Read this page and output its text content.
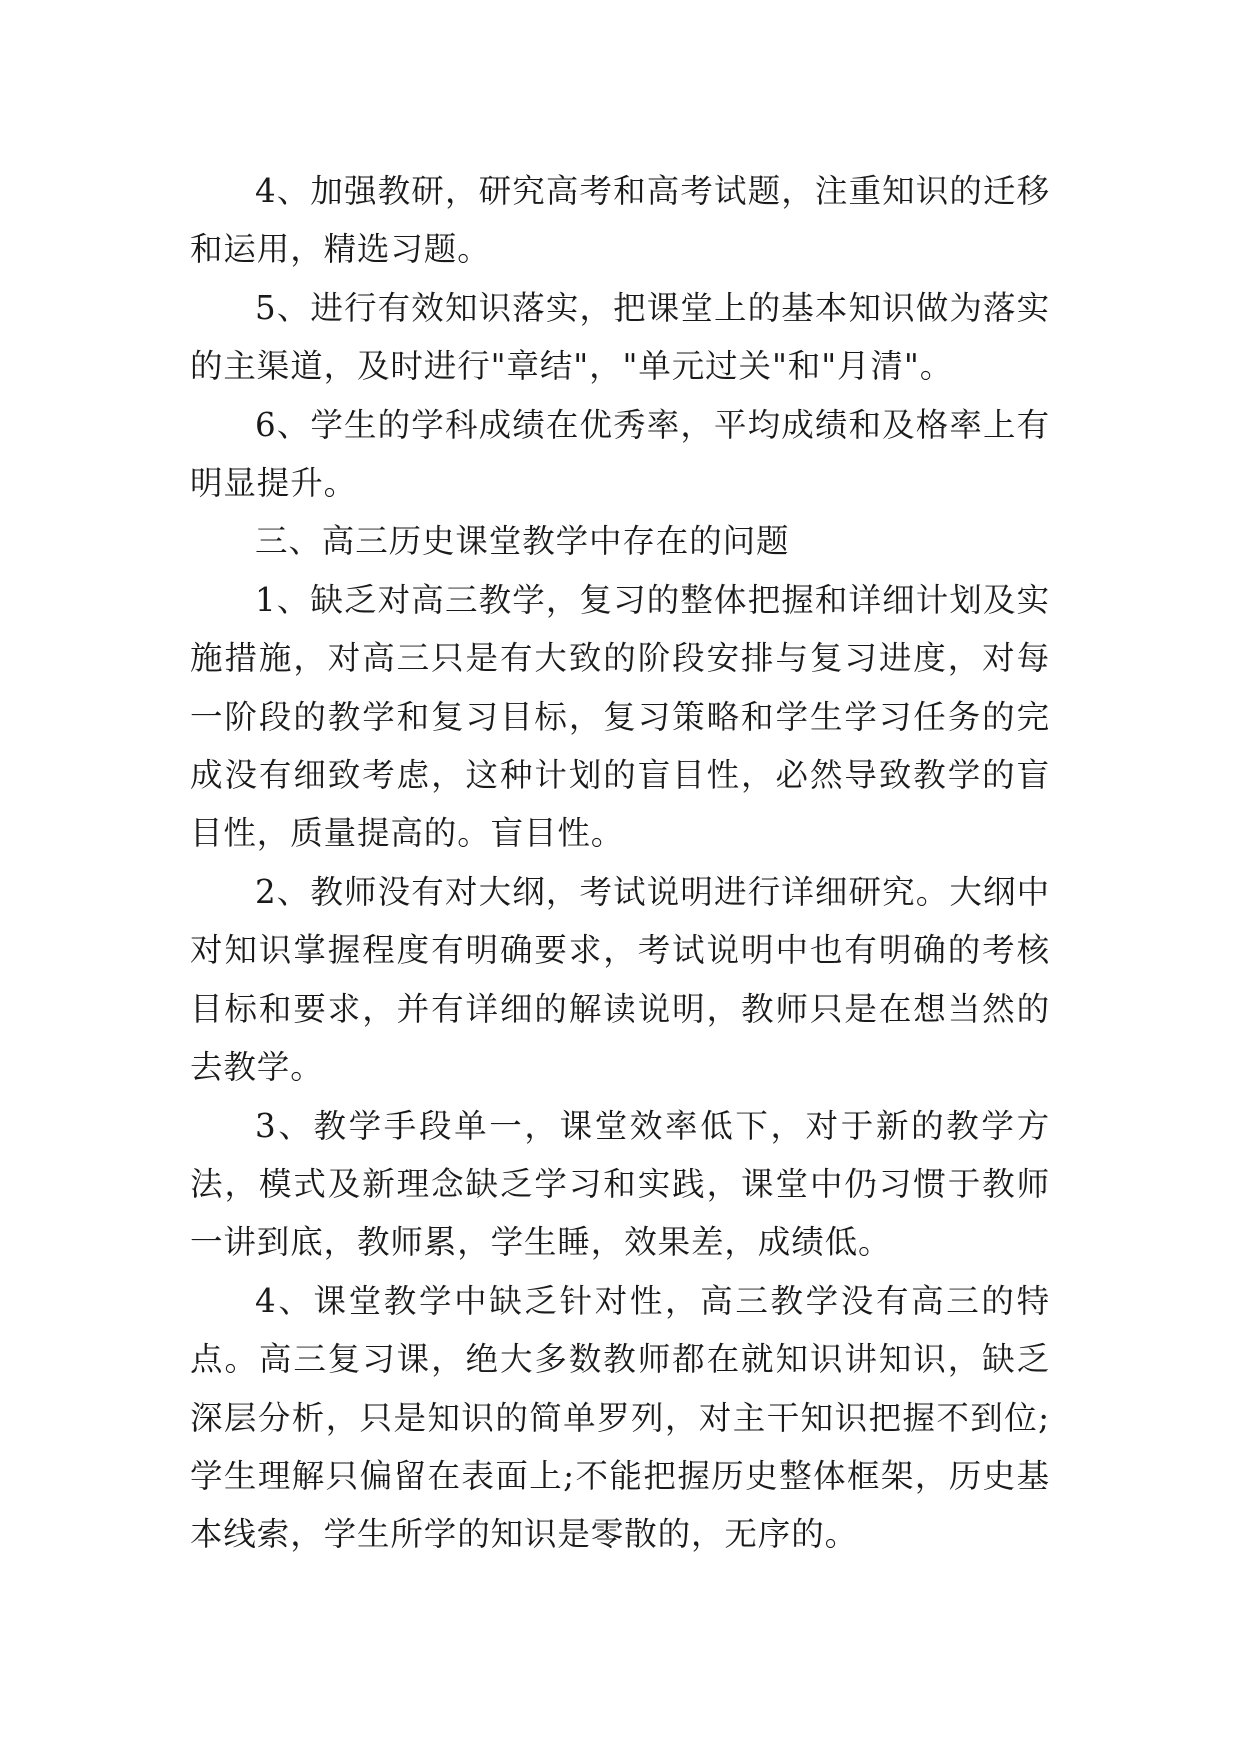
4、加强教研，研究高考和高考试题，注重知识的迁移和运用，精选习题。

5、进行有效知识落实，把课堂上的基本知识做为落实的主渠道，及时进行"章结"，"单元过关"和"月清"。

6、学生的学科成绩在优秀率，平均成绩和及格率上有明显提升。

三、高三历史课堂教学中存在的问题

1、缺乏对高三教学，复习的整体把握和详细计划及实施措施，对高三只是有大致的阶段安排与复习进度，对每一阶段的教学和复习目标，复习策略和学生学习任务的完成没有细致考虑，这种计划的盲目性，必然导致教学的盲目性，质量提高的。盲目性。

2、教师没有对大纲，考试说明进行详细研究。大纲中对知识掌握程度有明确要求，考试说明中也有明确的考核目标和要求，并有详细的解读说明，教师只是在想当然的去教学。

3、教学手段单一，课堂效率低下，对于新的教学方法，模式及新理念缺乏学习和实践，课堂中仍习惯于教师一讲到底，教师累，学生睡，效果差，成绩低。

4、课堂教学中缺乏针对性，高三教学没有高三的特点。高三复习课，绝大多数教师都在就知识讲知识，缺乏深层分析，只是知识的简单罗列，对主干知识把握不到位;学生理解只偏留在表面上;不能把握历史整体框架，历史基本线索，学生所学的知识是零散的，无序的。
